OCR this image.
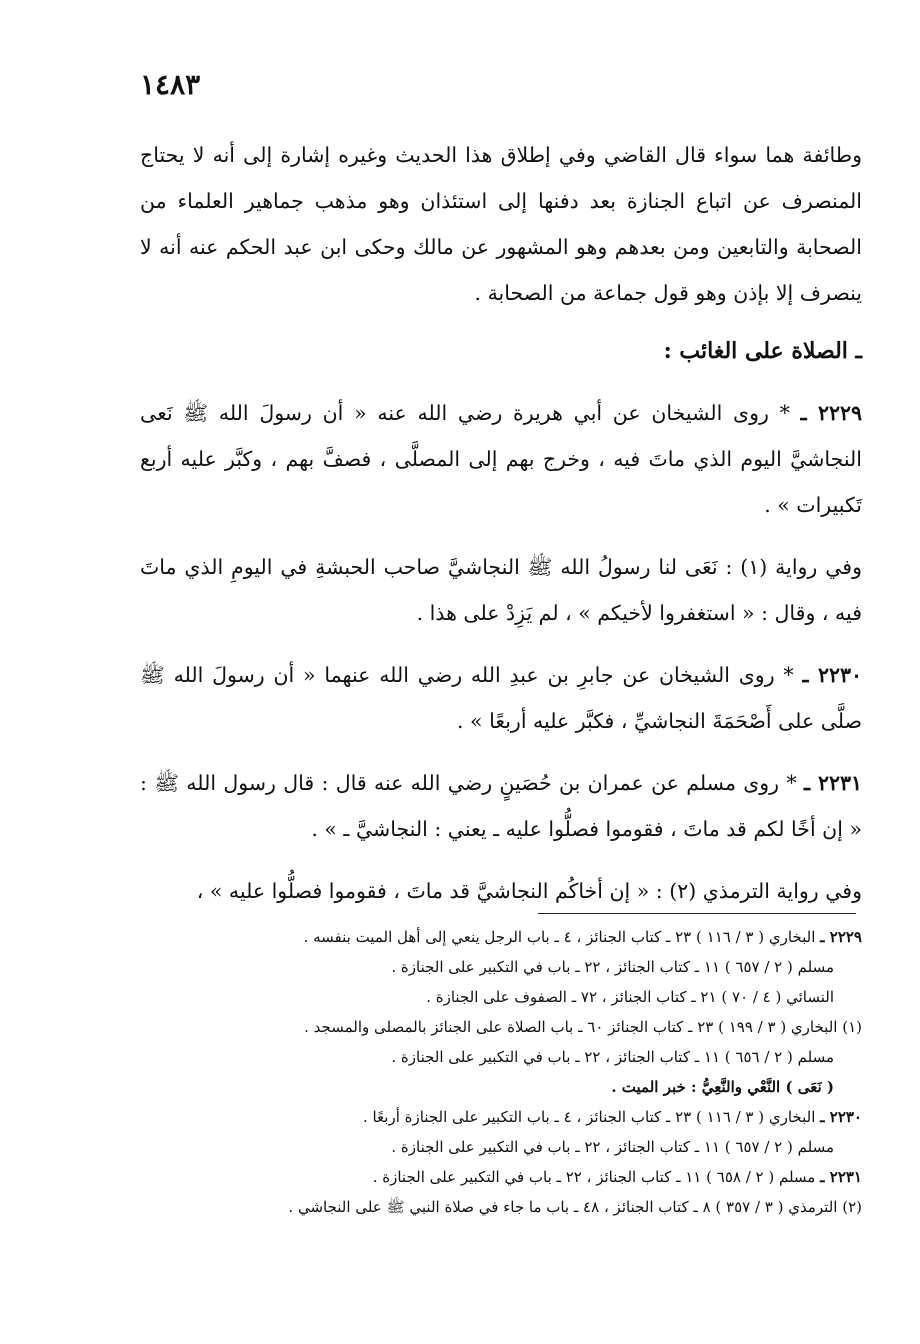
١٤٨٣

وطائفة هما سواء قال القاضي وفي إطلاق هذا الحديث وغيره إشارة إلى أنه لا يحتاج المنصرف عن اتباع الجنازة بعد دفنها إلى استئذان وهو مذهب جماهير العلماء من الصحابة والتابعين ومن بعدهم وهو المشهور عن مالك وحكى ابن عبد الحكم عنه أنه لا ينصرف إلا بإذن وهو قول جماعة من الصحابة .

ـ الصلاة على الغائب :

٢٢٢٩ ـ * روى الشيخان عن أبي هريرة رضي الله عنه « أن رسولَ الله ﷺ نَعى النجاشيَّ اليوم الذي ماتَ فيه ، وخرج بهم إلى المصلَّى ، فصفَّ بهم ، وكبَّر عليه أربع تَكبيرات » .

وفي رواية (١) : نَعَى لنا رسولُ الله ﷺ النجاشيَّ صاحب الحبشةِ في اليومِ الذي ماتَ فيه ، وقال : « استغفروا لأخيكم » ، لم يَزِدْ على هذا .

٢٢٣٠ ـ * روى الشيخان عن جابرِ بن عبدِ الله رضي الله عنهما « أن رسولَ الله ﷺ صلَّى على أَصْحَمَةَ النجاشيِّ ، فكبَّر عليه أربعًا » .

٢٢٣١ ـ * روى مسلم عن عمران بن حُصَينٍ رضي الله عنه قال : قال رسول الله ﷺ : « إن أخًا لكم قد ماتَ ، فقوموا فصلُّوا عليه ـ يعني : النجاشيَّ ـ » .

وفي رواية الترمذي (٢) : « إن أخاكُم النجاشيَّ قد ماتَ ، فقوموا فصلُّوا عليه » ،

٢٢٢٩ ـ البخاري ( ٣ / ١١٦ ) ٢٣ ـ كتاب الجنائز ، ٤ ـ باب الرجل ينعي إلى أهل الميت بنفسه .

مسلم ( ٢ / ٦٥٧ ) ١١ ـ كتاب الجنائز ، ٢٢ ـ باب في التكبير على الجنازة .

النسائي ( ٤ / ٧٠ ) ٢١ ـ كتاب الجنائز ، ٧٢ ـ الصفوف على الجنازة .

(١) البخاري ( ٣ / ١٩٩ ) ٢٣ ـ كتاب الجنائز ٦٠ ـ باب الصلاة على الجنائز بالمصلى والمسجد .

مسلم ( ٢ / ٦٥٦ ) ١١ ـ كتاب الجنائز ، ٢٢ ـ باب في التكبير على الجنازة .

( نَعَى ) النَّعْي والنَّعِيُّ : خبر الميت .

٢٢٣٠ ـ البخاري ( ٣ / ١١٦ ) ٢٣ ـ كتاب الجنائز ، ٤ ـ باب التكبير على الجنازة أربعًا .

مسلم ( ٢ / ٦٥٧ ) ١١ ـ كتاب الجنائز ، ٢٢ ـ باب في التكبير على الجنازة .

٢٢٣١ ـ مسلم ( ٢ / ٦٥٨ ) ١١ ـ كتاب الجنائز ، ٢٢ ـ باب في التكبير على الجنازة .

(٢) الترمذي ( ٣ / ٣٥٧ ) ٨ ـ كتاب الجنائز ، ٤٨ ـ باب ما جاء في صلاة النبي ﷺ على النجاشي .
